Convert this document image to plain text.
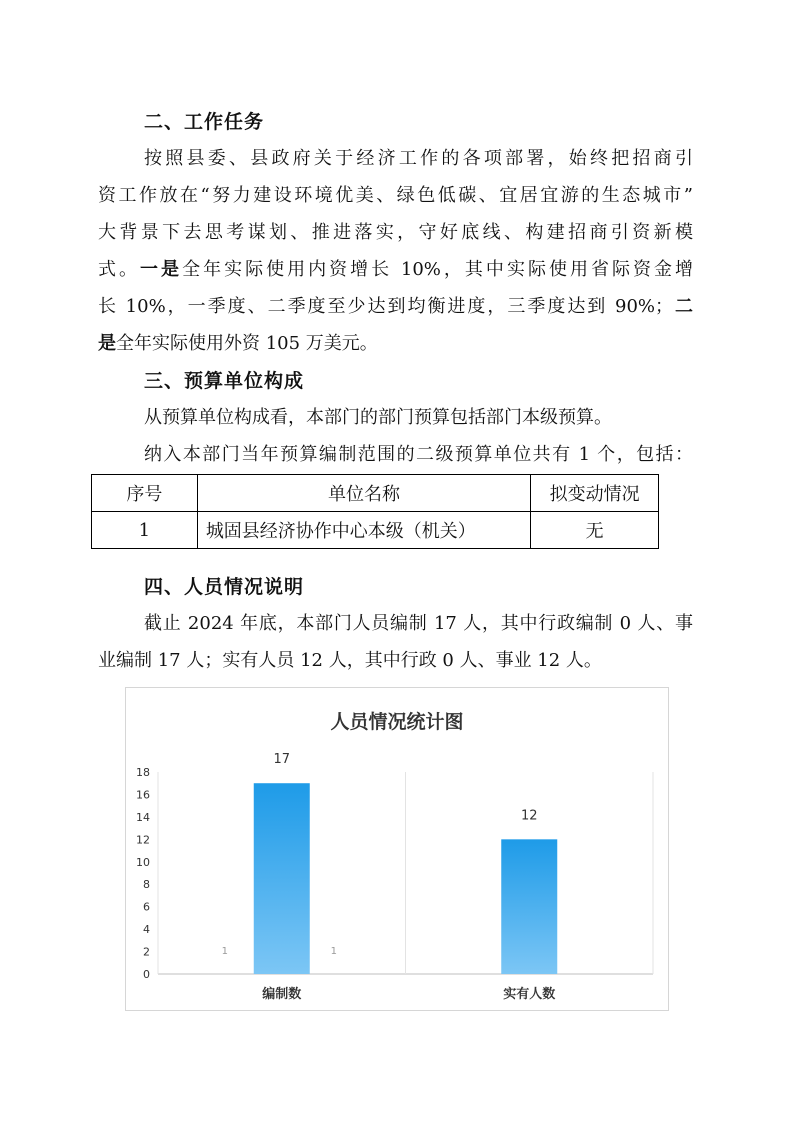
二、工作任务
按照县委、县政府关于经济工作的各项部署，始终把招商引
资工作放在“努力建设环境优美、绿色低碳、宜居宜游的生态城市”
大背景下去思考谋划、推进落实，守好底线、构建招商引资新模
式。一是全年实际使用内资增长 10%，其中实际使用省际资金增
长 10%，一季度、二季度至少达到均衡进度，三季度达到 90%；二
是全年实际使用外资 105 万美元。
三、预算单位构成
从预算单位构成看，本部门的部门预算包括部门本级预算。
纳入本部门当年预算编制范围的二级预算单位共有 1 个，包括：
序号	单位名称	拟变动情况
1	城固县经济协作中心本级（机关）	无
四、人员情况说明
截止 2024 年底，本部门人员编制 17 人，其中行政编制 0 人、事
业编制 17 人；实有人员 12 人，其中行政 0 人、事业 12 人。
人员情况统计图
0
2
4
6
8
10
12
14
16
18
17
编制数
12
实有人数
1	1
